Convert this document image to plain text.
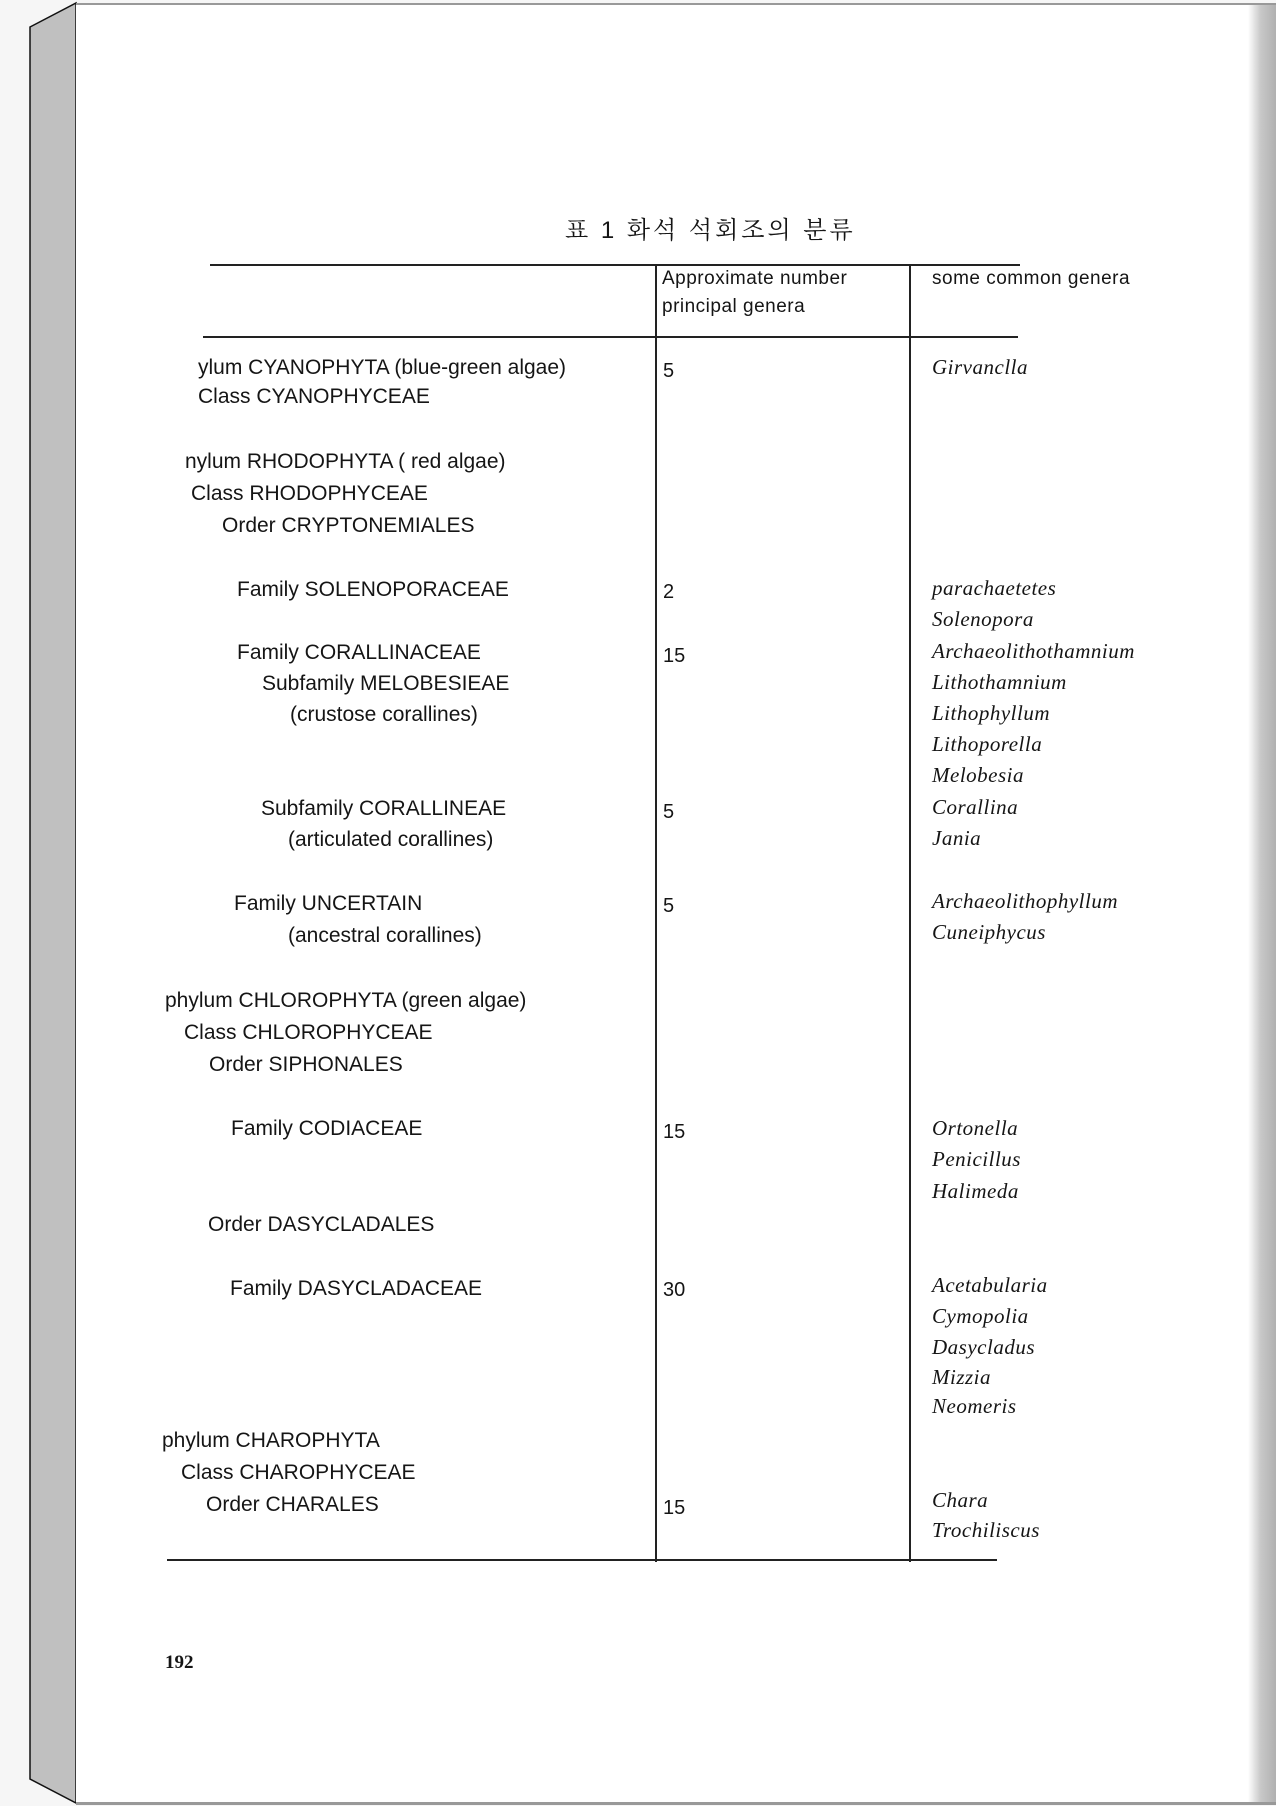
표 1 화석 석회조의 분류
Approximate number
principal genera
some common genera
ylum CYANOPHYTA (blue-green algae)
Class CYANOPHYCEAE
nylum RHODOPHYTA ( red algae)
Class RHODOPHYCEAE
Order CRYPTONEMIALES
Family SOLENOPORACEAE
Family CORALLINACEAE
Subfamily MELOBESIEAE
(crustose corallines)
Subfamily CORALLINEAE
(articulated corallines)
Family UNCERTAIN
(ancestral corallines)
phylum CHLOROPHYTA (green algae)
Class CHLOROPHYCEAE
Order SIPHONALES
Family CODIACEAE
Order DASYCLADALES
Family DASYCLADACEAE
phylum CHAROPHYTA
Class CHAROPHYCEAE
Order CHARALES
5
2
15
5
5
15
30
15
Girvanclla
parachaetetes
Solenopora
Archaeolithothamnium
Lithothamnium
Lithophyllum
Lithoporella
Melobesia
Corallina
Jania
Archaeolithophyllum
Cuneiphycus
Ortonella
Penicillus
Halimeda
Acetabularia
Cymopolia
Dasycladus
Mizzia
Neomeris
Chara
Trochiliscus
192
